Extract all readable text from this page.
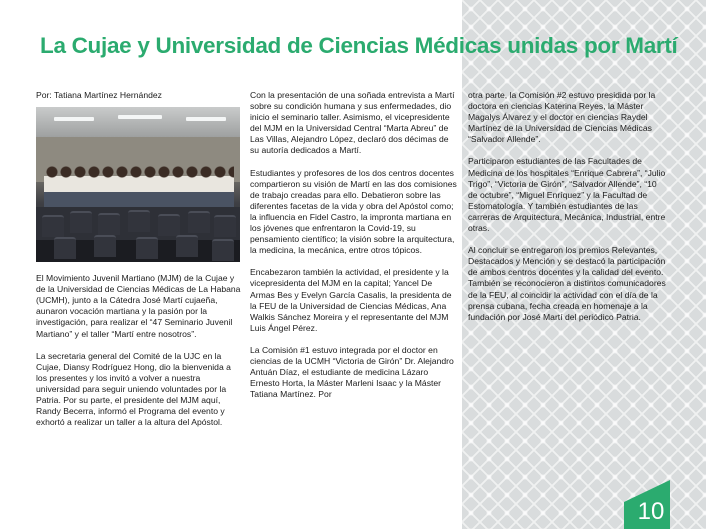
La Cujae y Universidad de Ciencias Médicas unidas por Martí
Por: Tatiana Martínez Hernández

El Movimiento Juvenil Martiano (MJM) de la Cujae y de la Universidad de Ciencias Médicas de La Habana (UCMH), junto a la Cátedra José Martí cujaeña, aunaron vocación martiana y la pasión por la investigación, para realizar el “47 Seminario Juvenil Martiano” y el taller “Martí entre nosotros”.

La secretaria general del Comité de la UJC en la Cujae, Diansy Rodríguez Hong, dio la bienvenida a los presentes y los invitó a volver a nuestra universidad para seguir uniendo voluntades por la Patria. Por su parte, el presidente del MJM aquí, Randy Becerra, informó el Programa del evento y exhortó a realizar un taller a la altura del Apóstol.

Con la presentación de una soñada entrevista a Martí sobre su condición humana y sus enfermedades, dio inicio el seminario taller. Asimismo, el vicepresidente del MJM en la Universidad Central “Marta Abreu” de Las Villas, Alejandro López, declaró dos décimas de su autoría dedicados a Martí.

Estudiantes y profesores de los dos centros docentes compartieron su visión de Martí en las dos comisiones de trabajo creadas para ello. Debatieron sobre las diferentes facetas de la vida y obra del Apóstol como; la influencia en Fidel Castro, la impronta martiana en los jóvenes que enfrentaron la Covid-19, su pensamiento científico; la visión sobre la arquitectura, la medicina, la mecánica, entre otros tópicos.

Encabezaron también la actividad, el presidente y la vicepresidenta del MJM en la capital; Yancel De Armas Bes y Evelyn García Casalis, la presidenta de la FEU de la Universidad de Ciencias Médicas, Ana Walkis Sánchez Moreira y el representante del MJM Luis Ángel Pérez.

La Comisión #1 estuvo integrada por el doctor en ciencias de la UCMH “Victoria de Girón” Dr. Alejandro Antuán Díaz, el estudiante de medicina Lázaro Ernesto Horta, la Máster Marleni Isaac y la Máster Tatiana Martínez. Por

otra parte, la Comisión #2 estuvo presidida por la doctora en ciencias Katerina Reyes, la Máster Magalys Álvarez y el doctor en ciencias Raydel Martínez de la Universidad de Ciencias Médicas “Salvador Allende”.

Participaron estudiantes de las Facultades de Medicina de los hospitales “Enrique Cabrera”, “Julio Trigo”, “Victoria de Girón”, “Salvador Allende”, “10 de octubre”, “Miguel Enríquez” y la Facultad de Estomatología. Y también estudiantes de las carreras de Arquitectura, Mecánica, Industrial, entre otras.

Al concluir se entregaron los premios Relevantes, Destacados y Mención y se destacó la participación de ambos centros docentes y la calidad del evento. También se reconocieron a distintos comunicadores de la FEU, al coincidir la actividad con el día de la prensa cubana, fecha creada en homenaje a la fundación por José Martí del periódico Patria.

10
